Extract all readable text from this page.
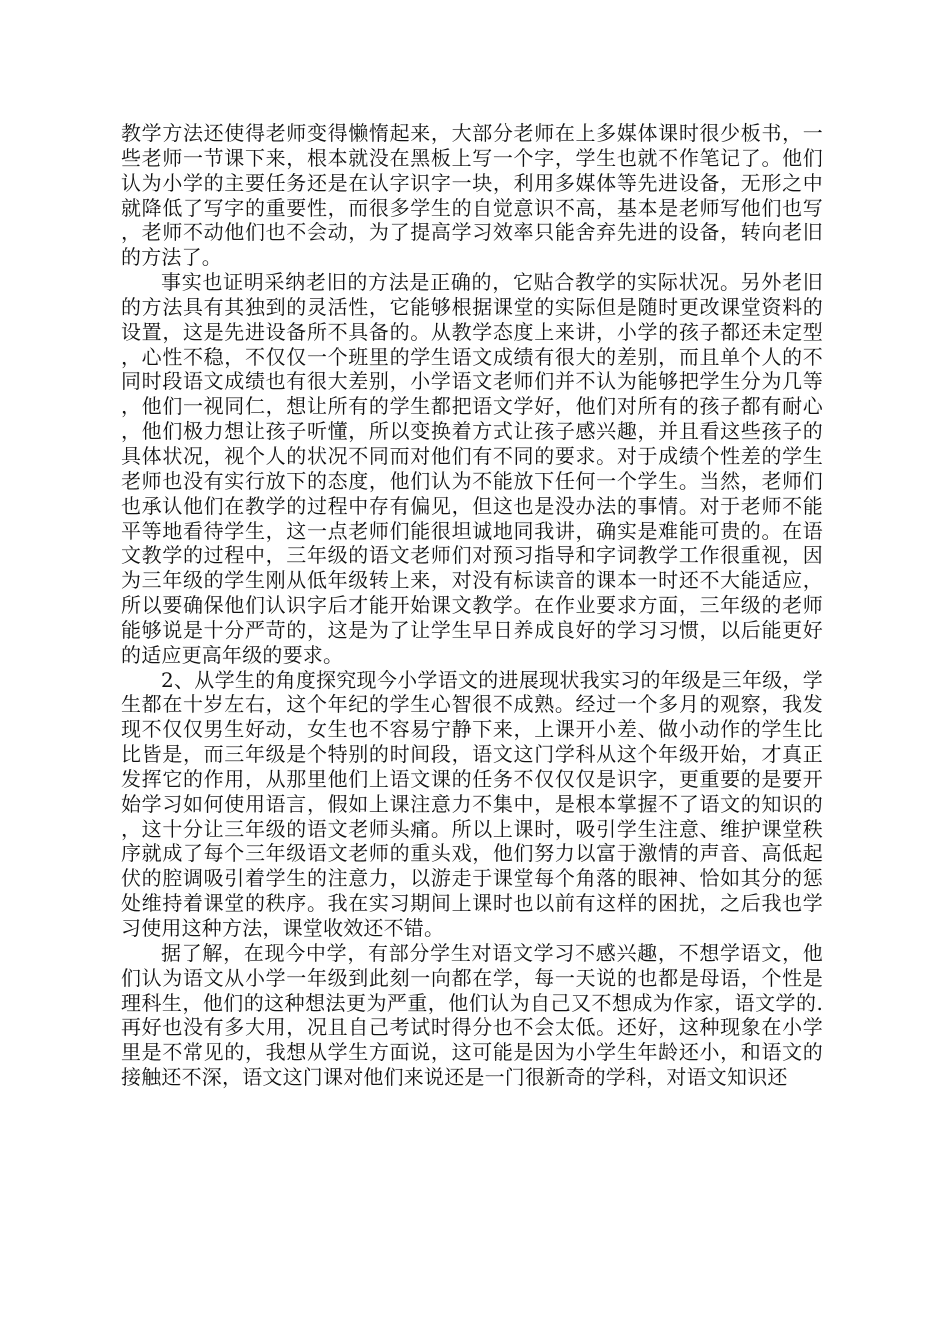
教学方法还使得老师变得懒惰起来，大部分老师在上多媒体课时很少板书，一些老师一节课下来，根本就没在黑板上写一个字，学生也就不作笔记了。他们认为小学的主要任务还是在认字识字一块，利用多媒体等先进设备，无形之中就降低了写字的重要性，而很多学生的自觉意识不高，基本是老师写他们也写，老师不动他们也不会动，为了提高学习效率只能舍弃先进的设备，转向老旧的方法了。

事实也证明采纳老旧的方法是正确的，它贴合教学的实际状况。另外老旧的方法具有其独到的灵活性，它能够根据课堂的实际但是随时更改课堂资料的设置，这是先进设备所不具备的。从教学态度上来讲，小学的孩子都还未定型，心性不稳，不仅仅一个班里的学生语文成绩有很大的差别，而且单个人的不同时段语文成绩也有很大差别，小学语文老师们并不认为能够把学生分为几等，他们一视同仁，想让所有的学生都把语文学好，他们对所有的孩子都有耐心，他们极力想让孩子听懂，所以变换着方式让孩子感兴趣，并且看这些孩子的具体状况，视个人的状况不同而对他们有不同的要求。对于成绩个性差的学生老师也没有实行放下的态度，他们认为不能放下任何一个学生。当然，老师们也承认他们在教学的过程中存有偏见，但这也是没办法的事情。对于老师不能平等地看待学生，这一点老师们能很坦诚地同我讲，确实是难能可贵的。在语文教学的过程中，三年级的语文老师们对预习指导和字词教学工作很重视，因为三年级的学生刚从低年级转上来，对没有标读音的课本一时还不大能适应，所以要确保他们认识字后才能开始课文教学。在作业要求方面，三年级的老师能够说是十分严苛的，这是为了让学生早日养成良好的学习习惯，以后能更好的适应更高年级的要求。

2、从学生的角度探究现今小学语文的进展现状我实习的年级是三年级，学生都在十岁左右，这个年纪的学生心智很不成熟。经过一个多月的观察，我发现不仅仅男生好动，女生也不容易宁静下来，上课开小差、做小动作的学生比比皆是，而三年级是个特别的时间段，语文这门学科从这个年级开始，才真正发挥它的作用，从那里他们上语文课的任务不仅仅仅是识字，更重要的是要开始学习如何使用语言，假如上课注意力不集中，是根本掌握不了语文的知识的，这十分让三年级的语文老师头痛。所以上课时，吸引学生注意、维护课堂秩序就成了每个三年级语文老师的重头戏，他们努力以富于激情的声音、高低起伏的腔调吸引着学生的注意力，以游走于课堂每个角落的眼神、恰如其分的惩处维持着课堂的秩序。我在实习期间上课时也以前有这样的困扰，之后我也学习使用这种方法，课堂收效还不错。

据了解，在现今中学，有部分学生对语文学习不感兴趣，不想学语文，他们认为语文从小学一年级到此刻一向都在学，每一天说的也都是母语，个性是理科生，他们的这种想法更为严重，他们认为自己又不想成为作家，语文学的.再好也没有多大用，况且自己考试时得分也不会太低。还好，这种现象在小学里是不常见的，我想从学生方面说，这可能是因为小学生年龄还小，和语文的接触还不深，语文这门课对他们来说还是一门很新奇的学科，对语文知识还
